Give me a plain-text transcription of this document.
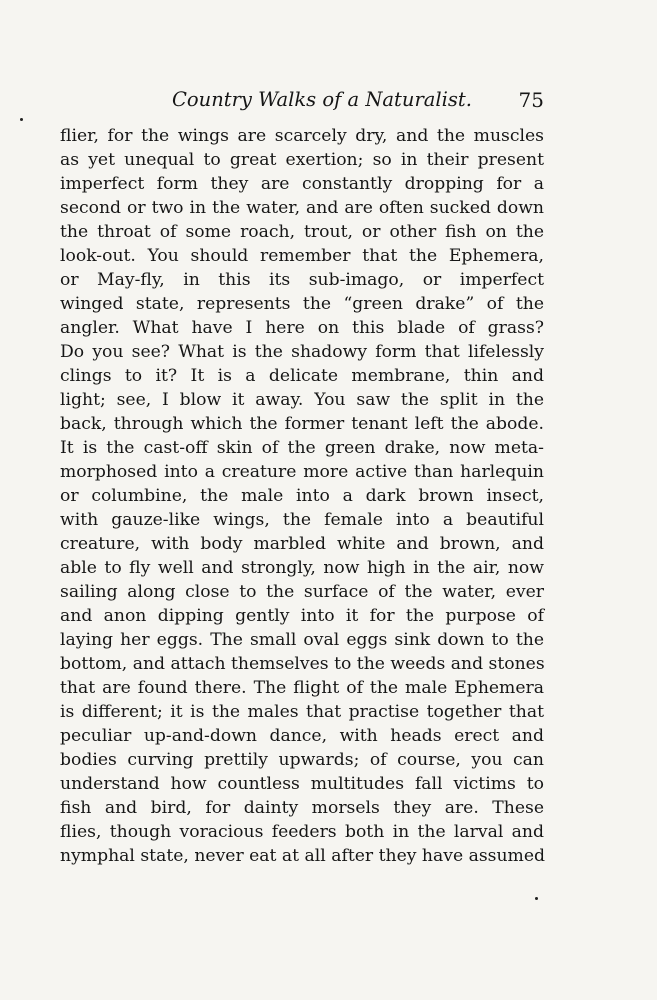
Country Walks of a Naturalist. 75
flier, for the wings are scarcely dry, and the muscles
as yet unequal to great exertion; so in their present
imperfect form they are constantly dropping for a
second or two in the water, and are often sucked down
the throat of some roach, trout, or other fish on the
look-out. You should remember that the Ephemera,
or May-fly, in this its sub-imago, or imperfect
winged state, represents the “green drake” of the
angler. What have I here on this blade of grass?
Do you see? What is the shadowy form that lifelessly
clings to it? It is a delicate membrane, thin and
light; see, I blow it away. You saw the split in the
back, through which the former tenant left the abode.
It is the cast-off skin of the green drake, now meta-
morphosed into a creature more active than harlequin
or columbine, the male into a dark brown insect,
with gauze-like wings, the female into a beautiful
creature, with body marbled white and brown, and
able to fly well and strongly, now high in the air, now
sailing along close to the surface of the water, ever
and anon dipping gently into it for the purpose of
laying her eggs. The small oval eggs sink down to the
bottom, and attach themselves to the weeds and stones
that are found there. The flight of the male Ephemera
is different; it is the males that practise together that
peculiar up-and-down dance, with heads erect and
bodies curving prettily upwards; of course, you can
understand how countless multitudes fall victims to
fish and bird, for dainty morsels they are. These
flies, though voracious feeders both in the larval and
nymphal state, never eat at all after they have assumed
